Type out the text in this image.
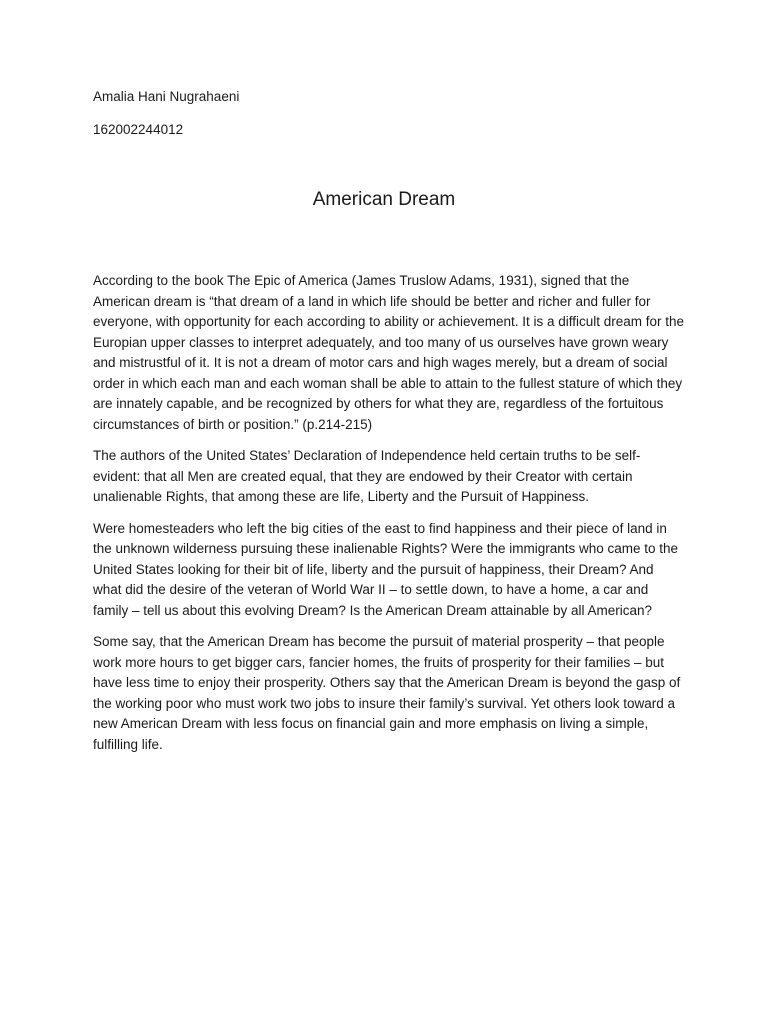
Amalia Hani Nugrahaeni
162002244012
American Dream

According to the book The Epic of America (James Truslow Adams, 1931), signed that the American dream is “that dream of a land in which life should be better and richer and fuller for everyone, with opportunity for each according to ability or achievement. It is a difficult dream for the Europian upper classes to interpret adequately, and too many of us ourselves have grown weary and mistrustful of it. It is not a dream of motor cars and high wages merely, but a dream of social order in which each man and each woman shall be able to attain to the fullest stature of which they are innately capable, and be recognized by others for what they are, regardless of the fortuitous circumstances of birth or position.” (p.214-215)

The authors of the United States’ Declaration of Independence held certain truths to be self-evident: that all Men are created equal, that they are endowed by their Creator with certain unalienable Rights, that among these are life, Liberty and the Pursuit of Happiness.

Were homesteaders who left the big cities of the east to find happiness and their piece of land in the unknown wilderness pursuing these inalienable Rights? Were the immigrants who came to the United States looking for their bit of life, liberty and the pursuit of happiness, their Dream? And what did the desire of the veteran of World War II – to settle down, to have a home, a car and family – tell us about this evolving Dream? Is the American Dream attainable by all American?

Some say, that the American Dream has become the pursuit of material prosperity – that people work more hours to get bigger cars, fancier homes, the fruits of prosperity for their families – but have less time to enjoy their prosperity. Others say that the American Dream is beyond the gasp of the working poor who must work two jobs to insure their family’s survival. Yet others look toward a new American Dream with less focus on financial gain and more emphasis on living a simple, fulfilling life.
